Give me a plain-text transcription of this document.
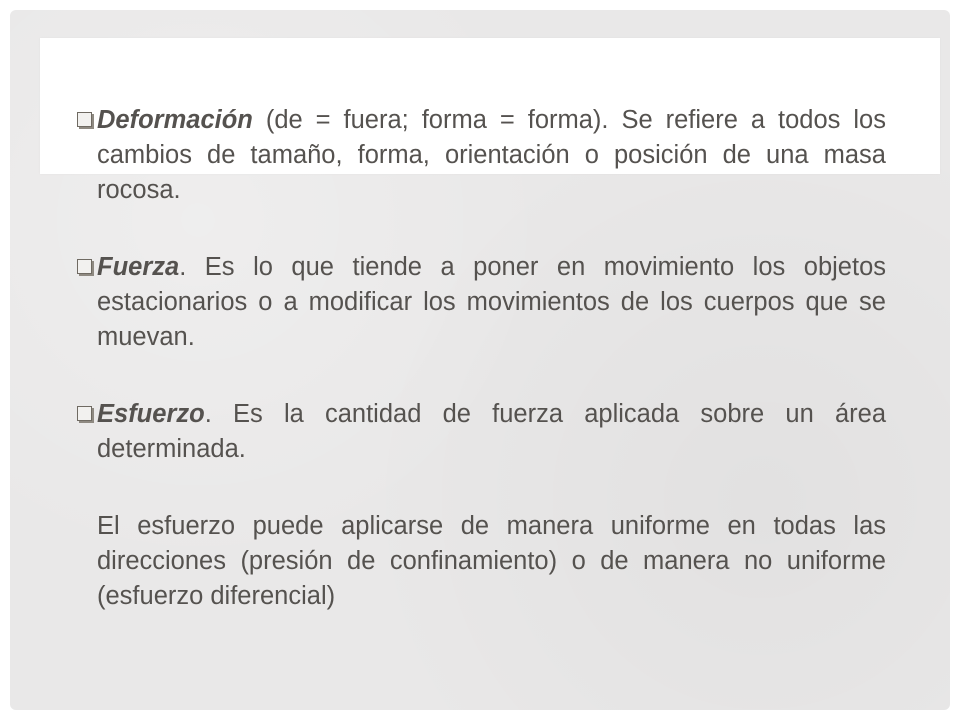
Deformación (de = fuera; forma = forma). Se refiere a todos los cambios de tamaño, forma, orientación o posición de una masa rocosa.

Fuerza. Es lo que tiende a poner en movimiento los objetos estacionarios o a modificar los movimientos de los cuerpos que se muevan.

Esfuerzo. Es la cantidad de fuerza aplicada sobre un área determinada.

El esfuerzo puede aplicarse de manera uniforme en todas las direcciones (presión de confinamiento) o de manera no uniforme (esfuerzo diferencial)
